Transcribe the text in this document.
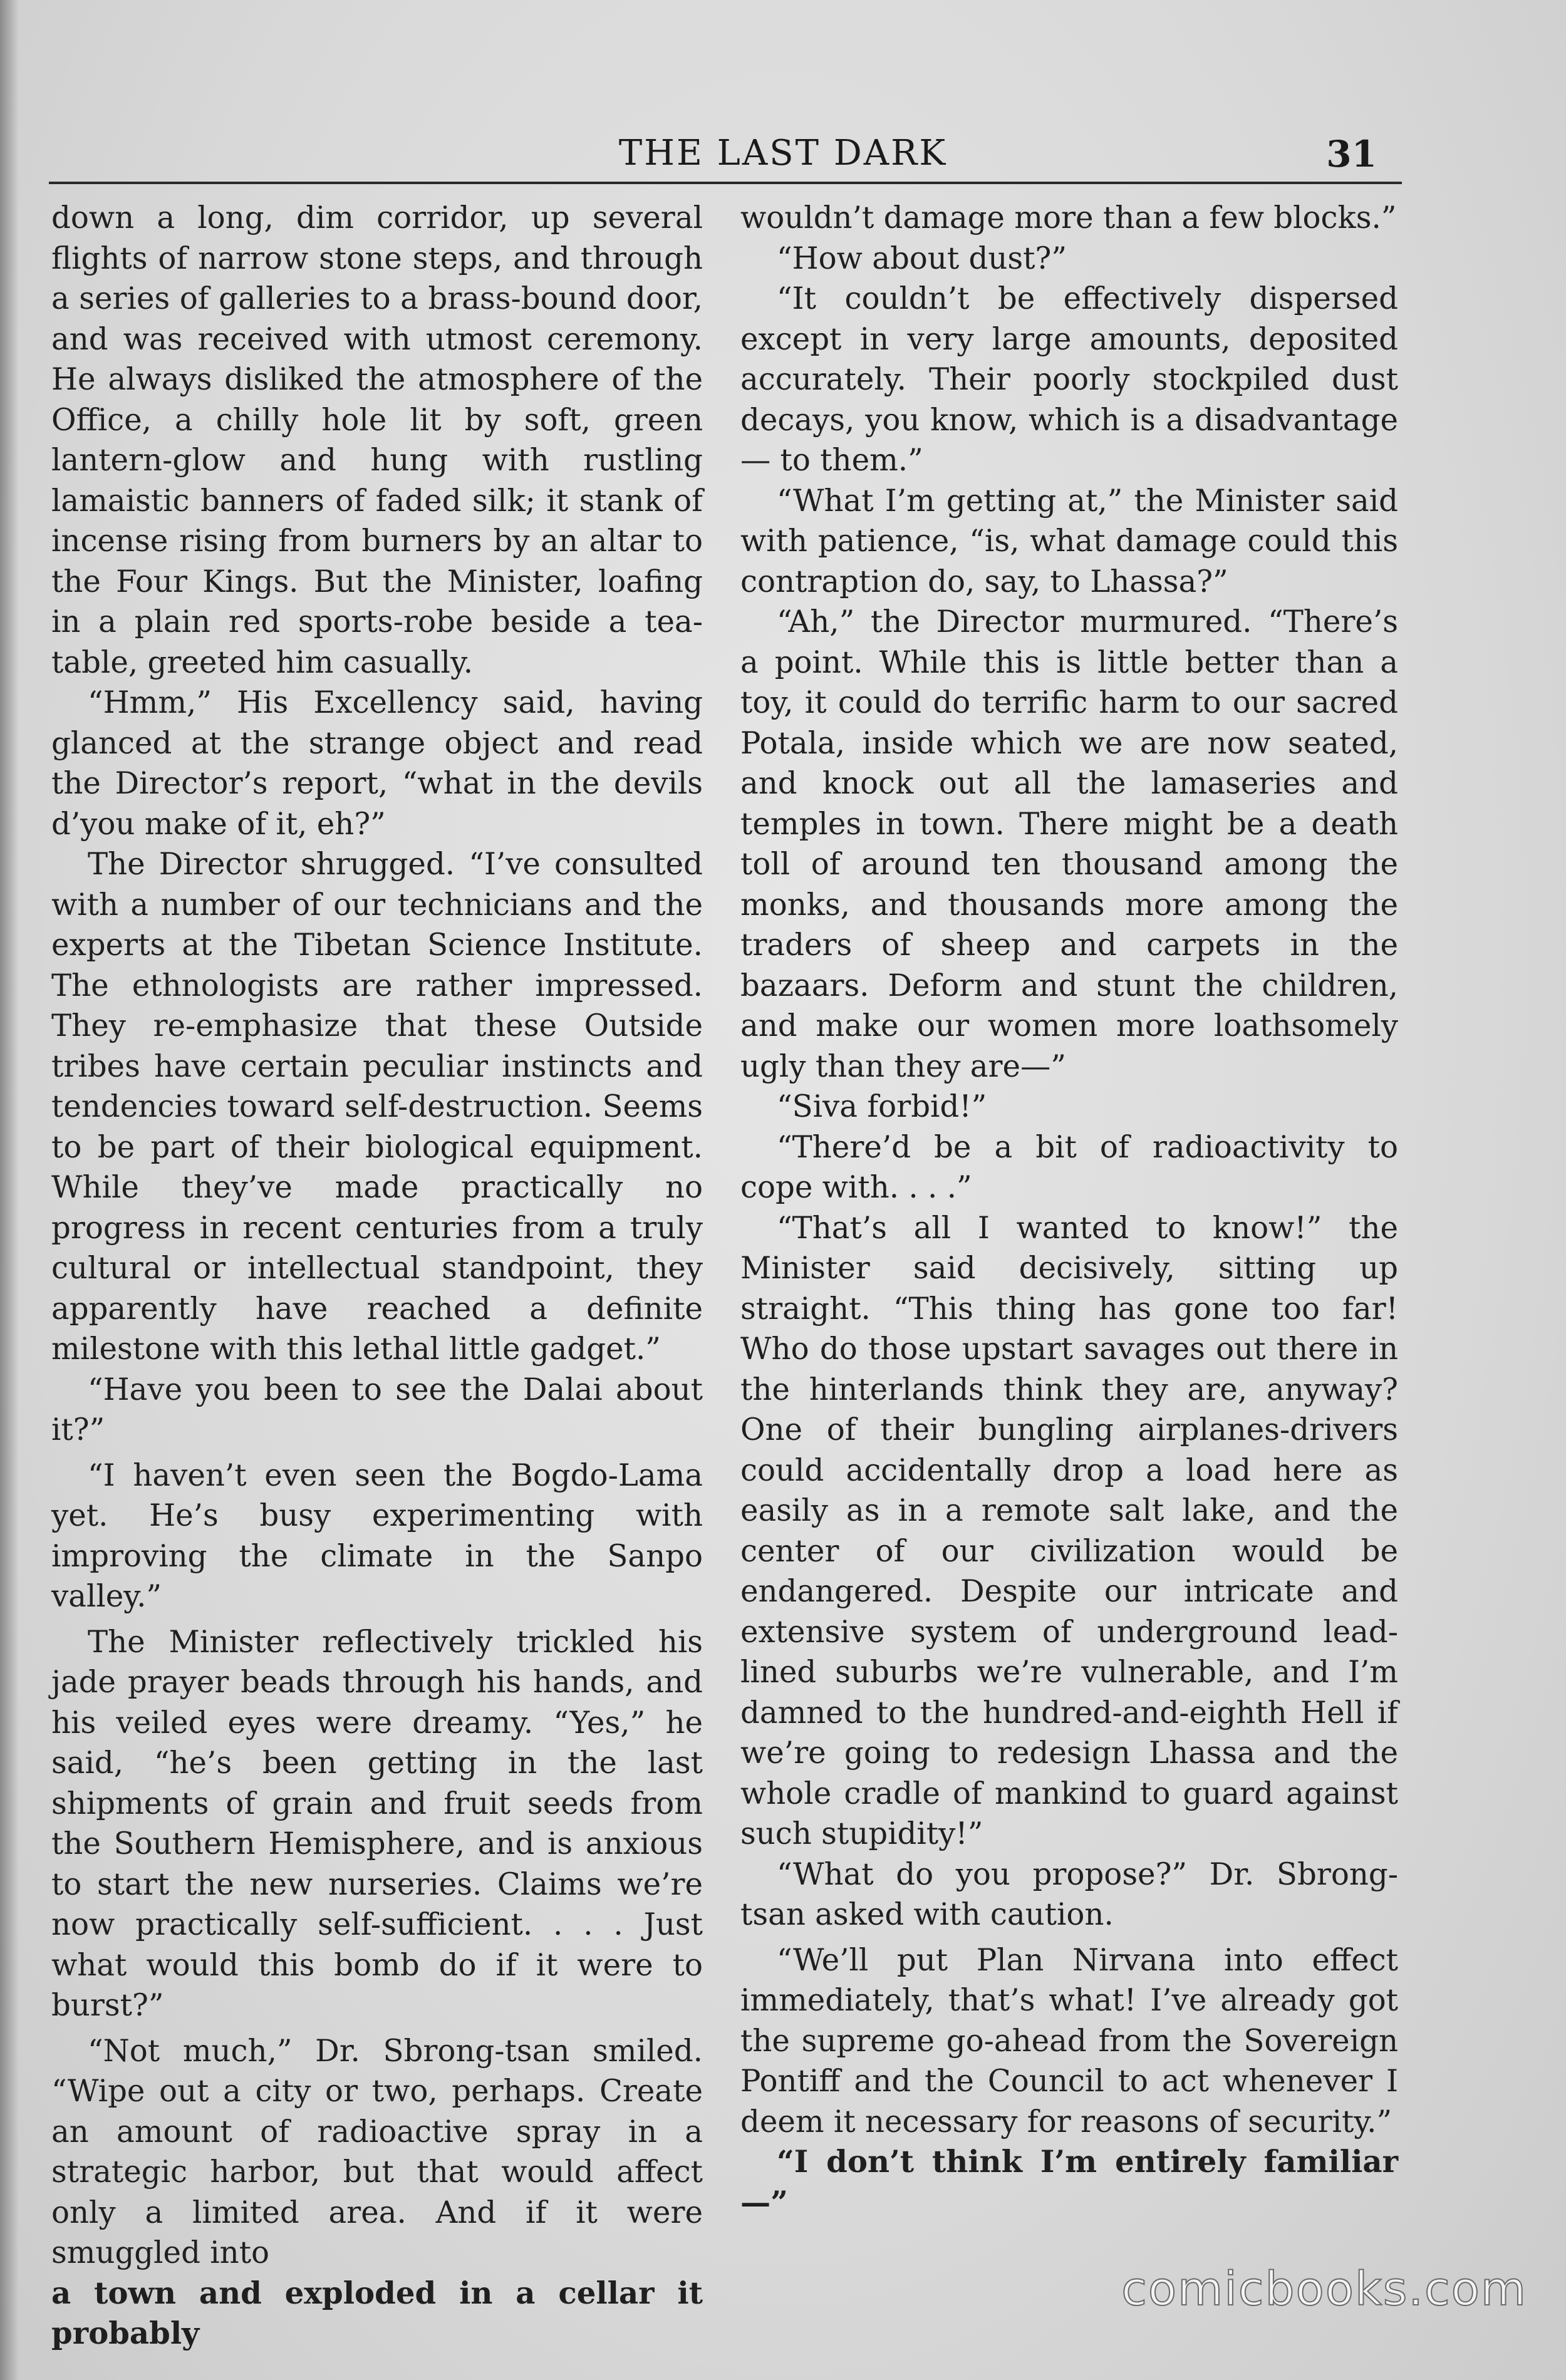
THE LAST DARK	31

down a long, dim corridor, up several flights of narrow stone steps, and through a series of galleries to a brass-bound door, and was received with utmost ceremony. He always disliked the atmosphere of the Office, a chilly hole lit by soft, green lantern-glow and hung with rustling lamaistic banners of faded silk; it stank of incense rising from burners by an altar to the Four Kings. But the Minister, loafing in a plain red sports-robe beside a tea-table, greeted him casually.

“Hmm,” His Excellency said, having glanced at the strange object and read the Director’s report, “what in the devils d’you make of it, eh?”

The Director shrugged. “I’ve consulted with a number of our technicians and the experts at the Tibetan Science Institute. The ethnologists are rather impressed. They re-emphasize that these Outside tribes have certain peculiar instincts and tendencies toward self-destruction. Seems to be part of their biological equipment. While they’ve made practically no progress in recent centuries from a truly cultural or intellectual standpoint, they apparently have reached a definite milestone with this lethal little gadget.”

“Have you been to see the Dalai about it?”

“I haven’t even seen the Bogdo-Lama yet. He’s busy experimenting with improving the climate in the Sanpo valley.”

The Minister reflectively trickled his jade prayer beads through his hands, and his veiled eyes were dreamy. “Yes,” he said, “he’s been getting in the last shipments of grain and fruit seeds from the Southern Hemisphere, and is anxious to start the new nurseries. Claims we’re now practically self-sufficient. . . . Just what would this bomb do if it were to burst?”

“Not much,” Dr. Sbrong-tsan smiled. “Wipe out a city or two, perhaps. Create an amount of radioactive spray in a strategic harbor, but that would affect only a limited area. And if it were smuggled into

a town and exploded in a cellar it probably

wouldn’t damage more than a few blocks.”

“How about dust?”

“It couldn’t be effectively dispersed except in very large amounts, deposited accurately. Their poorly stockpiled dust decays, you know, which is a disadvantage— to them.”

“What I’m getting at,” the Minister said with patience, “is, what damage could this contraption do, say, to Lhassa?”

“Ah,” the Director murmured. “There’s a point. While this is little better than a toy, it could do terrific harm to our sacred Potala, inside which we are now seated, and knock out all the lamaseries and temples in town. There might be a death toll of around ten thousand among the monks, and thousands more among the traders of sheep and carpets in the bazaars. Deform and stunt the children, and make our women more loathsomely ugly than they are—”

“Siva forbid!”

“There’d be a bit of radioactivity to cope with. . . .”

“That’s all I wanted to know!” the Minister said decisively, sitting up straight. “This thing has gone too far! Who do those upstart savages out there in the hinterlands think they are, anyway? One of their bungling airplanes-drivers could accidentally drop a load here as easily as in a remote salt lake, and the center of our civilization would be endangered. Despite our intricate and extensive system of underground lead-lined suburbs we’re vulnerable, and I’m damned to the hundred-and-eighth Hell if we’re going to redesign Lhassa and the whole cradle of mankind to guard against such stupidity!”

“What do you propose?” Dr. Sbrong-tsan asked with caution.

“We’ll put Plan Nirvana into effect immediately, that’s what! I’ve already got the supreme go-ahead from the Sovereign Pontiff and the Council to act whenever I deem it necessary for reasons of security.”

“I don’t think I’m entirely familiar—”

comicbooks.com
